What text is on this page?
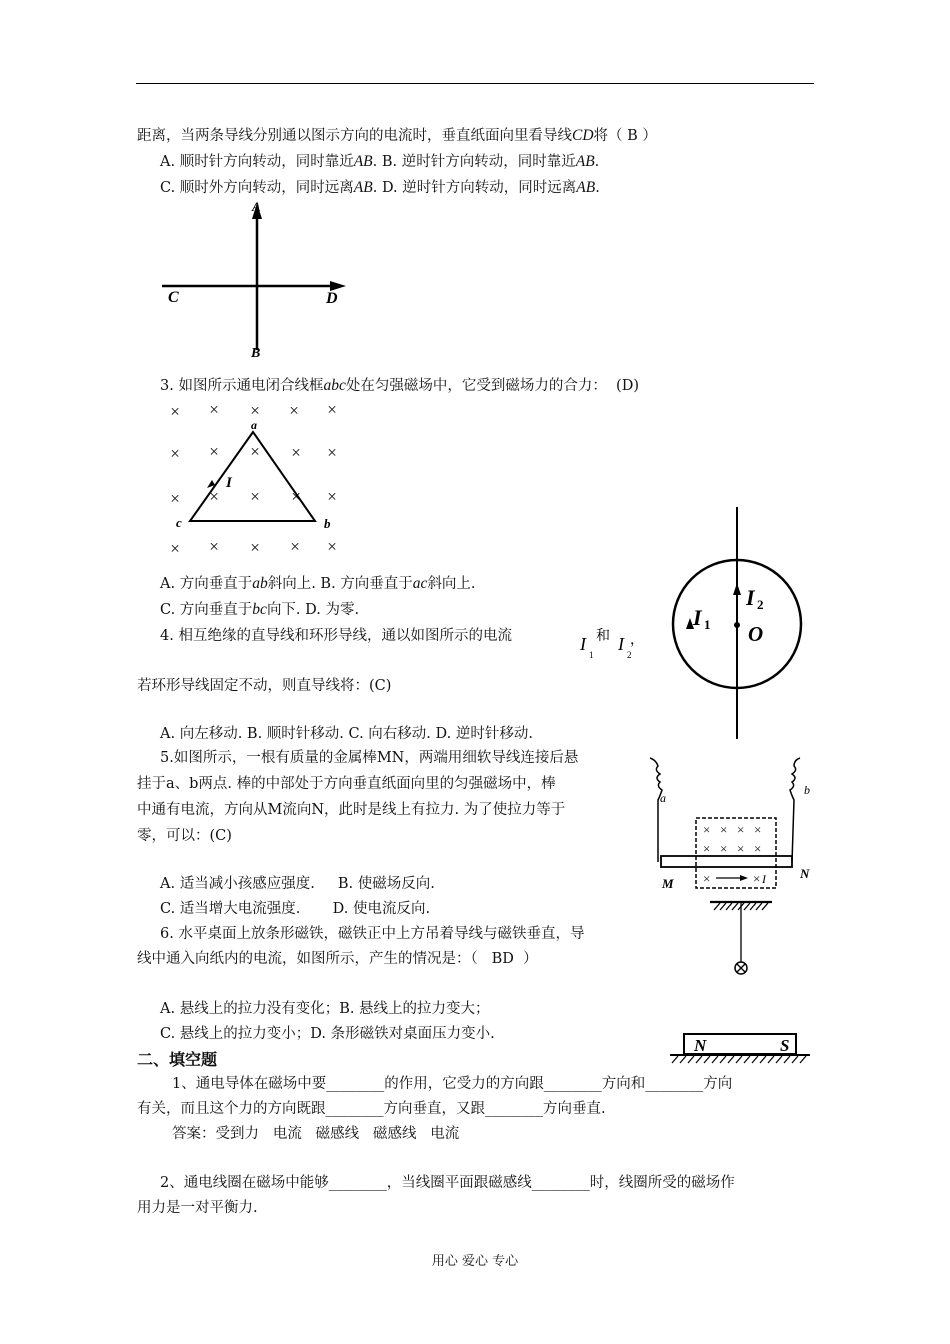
距离，当两条导线分别通以图示方向的电流时，垂直纸面向里看导线CD将（ B ）
A. 顺时针方向转动，同时靠近AB. B. 逆时针方向转动，同时靠近AB.
C. 顺时外方向转动，同时远离AB. D. 逆时针方向转动，同时远离AB.
A
B
C	D
3. 如图所示通电闭合线框abc处在匀强磁场中，它受到磁场力的合力：  (D)
× × × × ×
× × × × ×
× × × × ×
× × × × ×
a
c	b
I
A. 方向垂直于ab斜向上. B. 方向垂直于ac斜向上.
C. 方向垂直于bc向下. D. 为零.
4. 相互绝缘的直导线和环形导线，通以如图所示的电流	I
1
和 I
2
，
若环形导线固定不动，则直导线将：(C)
A. 向左移动. B. 顺时针移动. C. 向右移动. D. 逆时针移动.
I 2
I 1 O
5.如图所示，一根有质量的金属棒MN，两端用细软导线连接后悬
挂于a、b两点. 棒的中部处于方向垂直纸面向里的匀强磁场中，棒
中通有电流，方向从M流向N，此时是线上有拉力. 为了使拉力等于
零，可以：(C)
A. 适当减小孩感应强度.     B. 使磁场反向.
C. 适当增大电流强度.       D. 使电流反向.
× × × ×
× × × ×
×	× I
a
b
M
N
6. 水平桌面上放条形磁铁，磁铁正中上方吊着导线与磁铁垂直，导
线中通入向纸内的电流，如图所示，产生的情况是：（   BD  ）
A. 悬线上的拉力没有变化；B. 悬线上的拉力变大；
C. 悬线上的拉力变小；D. 条形磁铁对桌面压力变小.
N	S
二、填空题
1、通电导体在磁场中要________的作用，它受力的方向跟________方向和________方向
有关，而且这个力的方向既跟________方向垂直，又跟________方向垂直.
答案：受到力   电流   磁感线   磁感线   电流
2、通电线圈在磁场中能够________，当线圈平面跟磁感线________时，线圈所受的磁场作
用力是一对平衡力.
用心 爱心 专心
